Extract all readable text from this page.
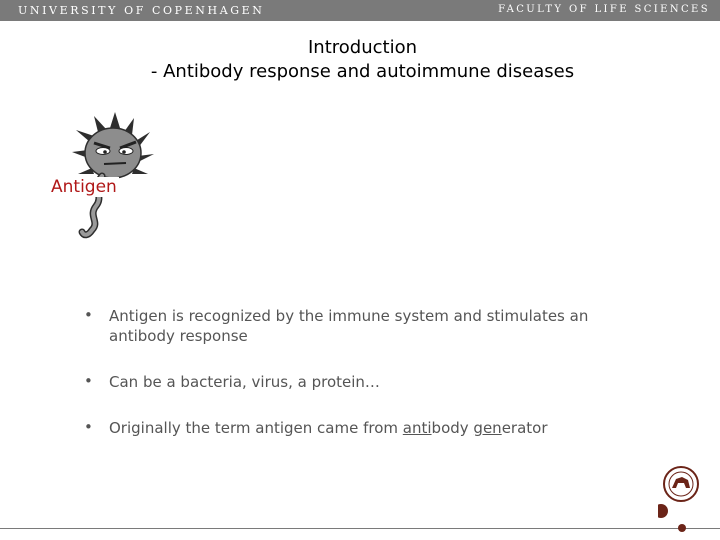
UNIVERSITY OF COPENHAGEN	FACULTY OF LIFE SCIENCES
Introduction
- Antibody response and autoimmune diseases
Antigen
• Antigen is recognized by the immune system and stimulates an antibody response
• Can be a bacteria, virus, a protein…
• Originally the term antigen came from antibody generator
